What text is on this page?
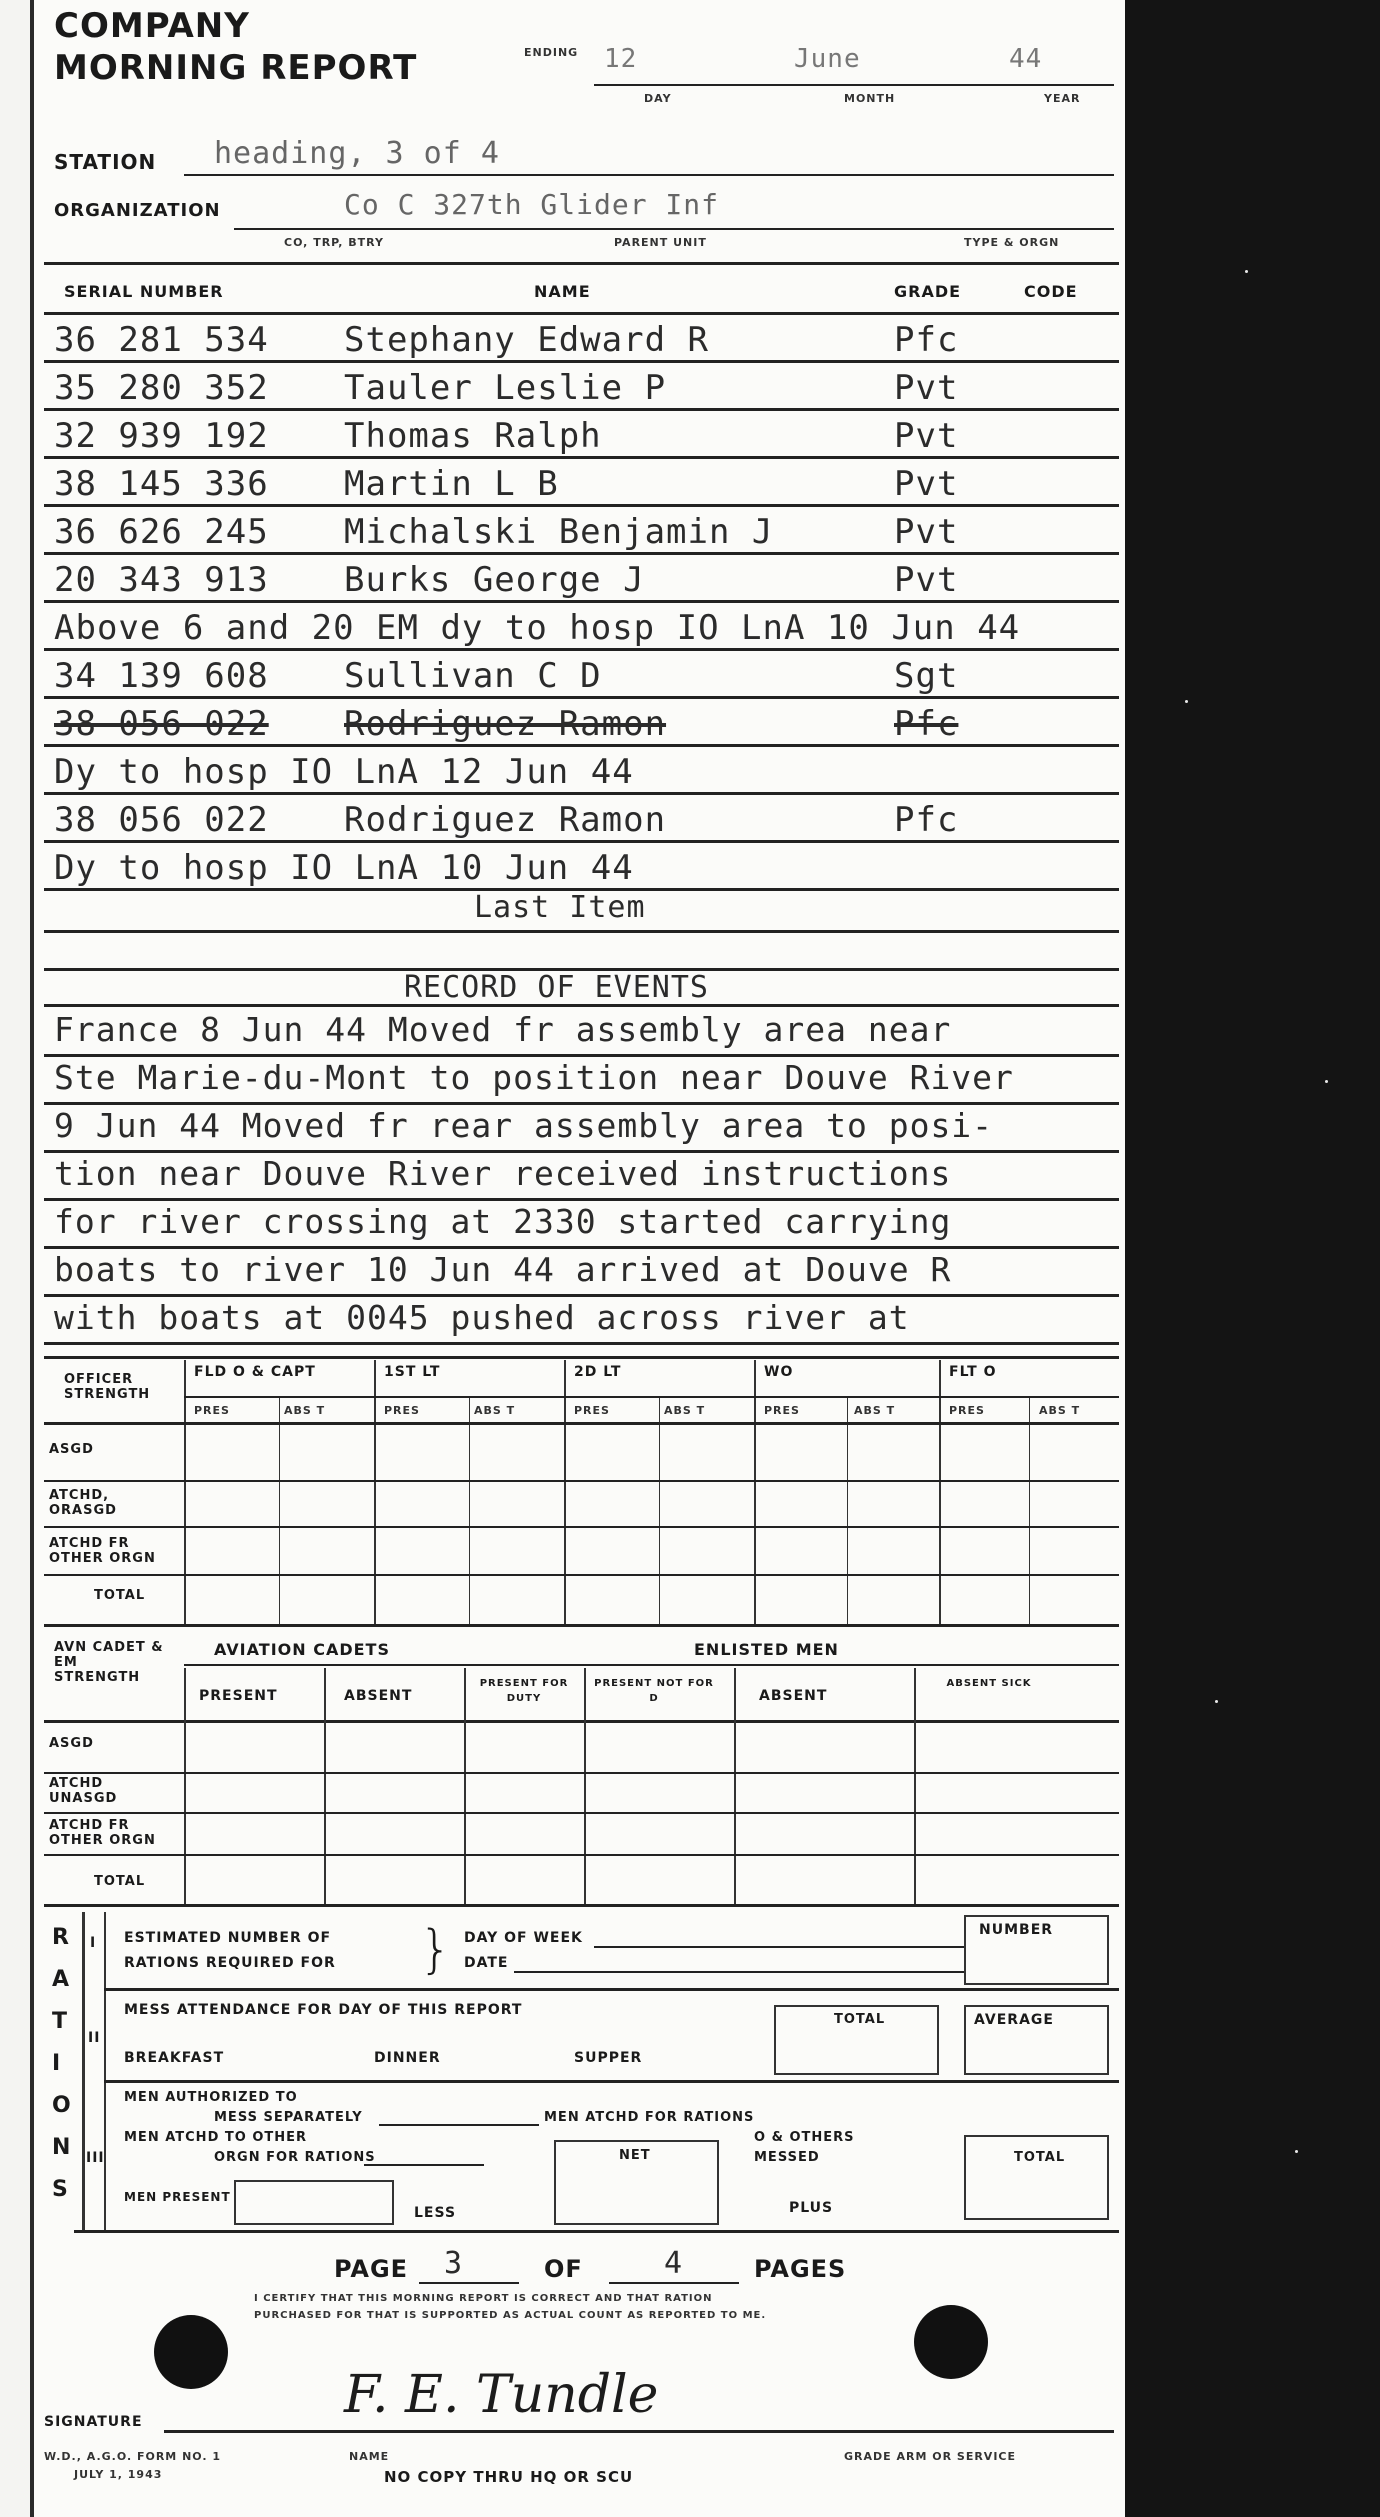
COMPANY
MORNING REPORT	ENDING 12	June	44
DAY	MONTH	YEAR
STATION heading, 3 of 4
ORGANIZATION	Co C 327th Glider Inf
CO, TRP, BTRY	PARENT UNIT	TYPE & ORGN
SERIAL NUMBER	NAME	GRADE	CODE
36 281 534 Stephany Edward R	Pfc
35 280 352 Tauler Leslie P	Pvt
32 939 192 Thomas Ralph	Pvt
38 145 336 Martin L B	Pvt
36 626 245 Michalski Benjamin J	Pvt
20 343 913 Burks George J	Pvt
Above 6 and 20 EM dy to hosp IO LnA 10 Jun 44
34 139 608 Sullivan C D	Sgt
38 056 022 Rodriguez Ramon	Pfc
Dy to hosp IO LnA 12 Jun 44
38 056 022 Rodriguez Ramon	Pfc
Dy to hosp IO LnA 10 Jun 44
Last Item
RECORD OF EVENTS
France 8 Jun 44 Moved fr assembly area near
Ste Marie-du-Mont to position near Douve River
9 Jun 44 Moved fr rear assembly area to posi-
tion near Douve River received instructions
for river crossing at 2330 started carrying
boats to river 10 Jun 44 arrived at Douve R
with boats at 0045 pushed across river at
OFFICER STRENGTH
FLD O & CAPT
PRES	ABS T
1ST LT
PRES	ABS T
2D LT
PRES	ABS T
WO
PRES	ABS T
FLT O
PRES	ABS T
ASGD
ATCHD, ORASGD
ATCHD FR OTHER ORGN
TOTAL
AVN CADET & EM STRENGTH
AVIATION CADETS	ENLISTED MEN
PRESENT	ABSENT
PRESENT FOR DUTY
PRESENT NOT FOR D	ABSENT
ABSENT SICK
ASGD
ATCHD UNASGD
ATCHD FR OTHER ORGN
TOTAL
R
A
T
I
O
N
S
I
II
III
ESTIMATED NUMBER OF
RATIONS REQUIRED FOR } DAY OF WEEK
DATE
NUMBER
MESS ATTENDANCE FOR DAY OF THIS REPORT
TOTAL	AVERAGE
BREAKFAST	DINNER	SUPPER
MEN AUTHORIZED TO
MESS SEPARATELY
MEN ATCHD TO OTHER
ORGN FOR RATIONS
MEN ATCHD FOR RATIONS
O & OTHERS
MESSED
NET	TOTAL
MEN PRESENT
LESS	PLUS
PAGE 3	OF	4	PAGES
I CERTIFY THAT THIS MORNING REPORT IS CORRECT AND THAT RATION
PURCHASED FOR THAT IS SUPPORTED AS ACTUAL COUNT AS REPORTED TO ME.
F. E. Tundle
SIGNATURE
W.D., A.G.O. FORM NO. 1
JULY 1, 1943
NAME
NO COPY THRU HQ OR SCU
GRADE ARM OR SERVICE
